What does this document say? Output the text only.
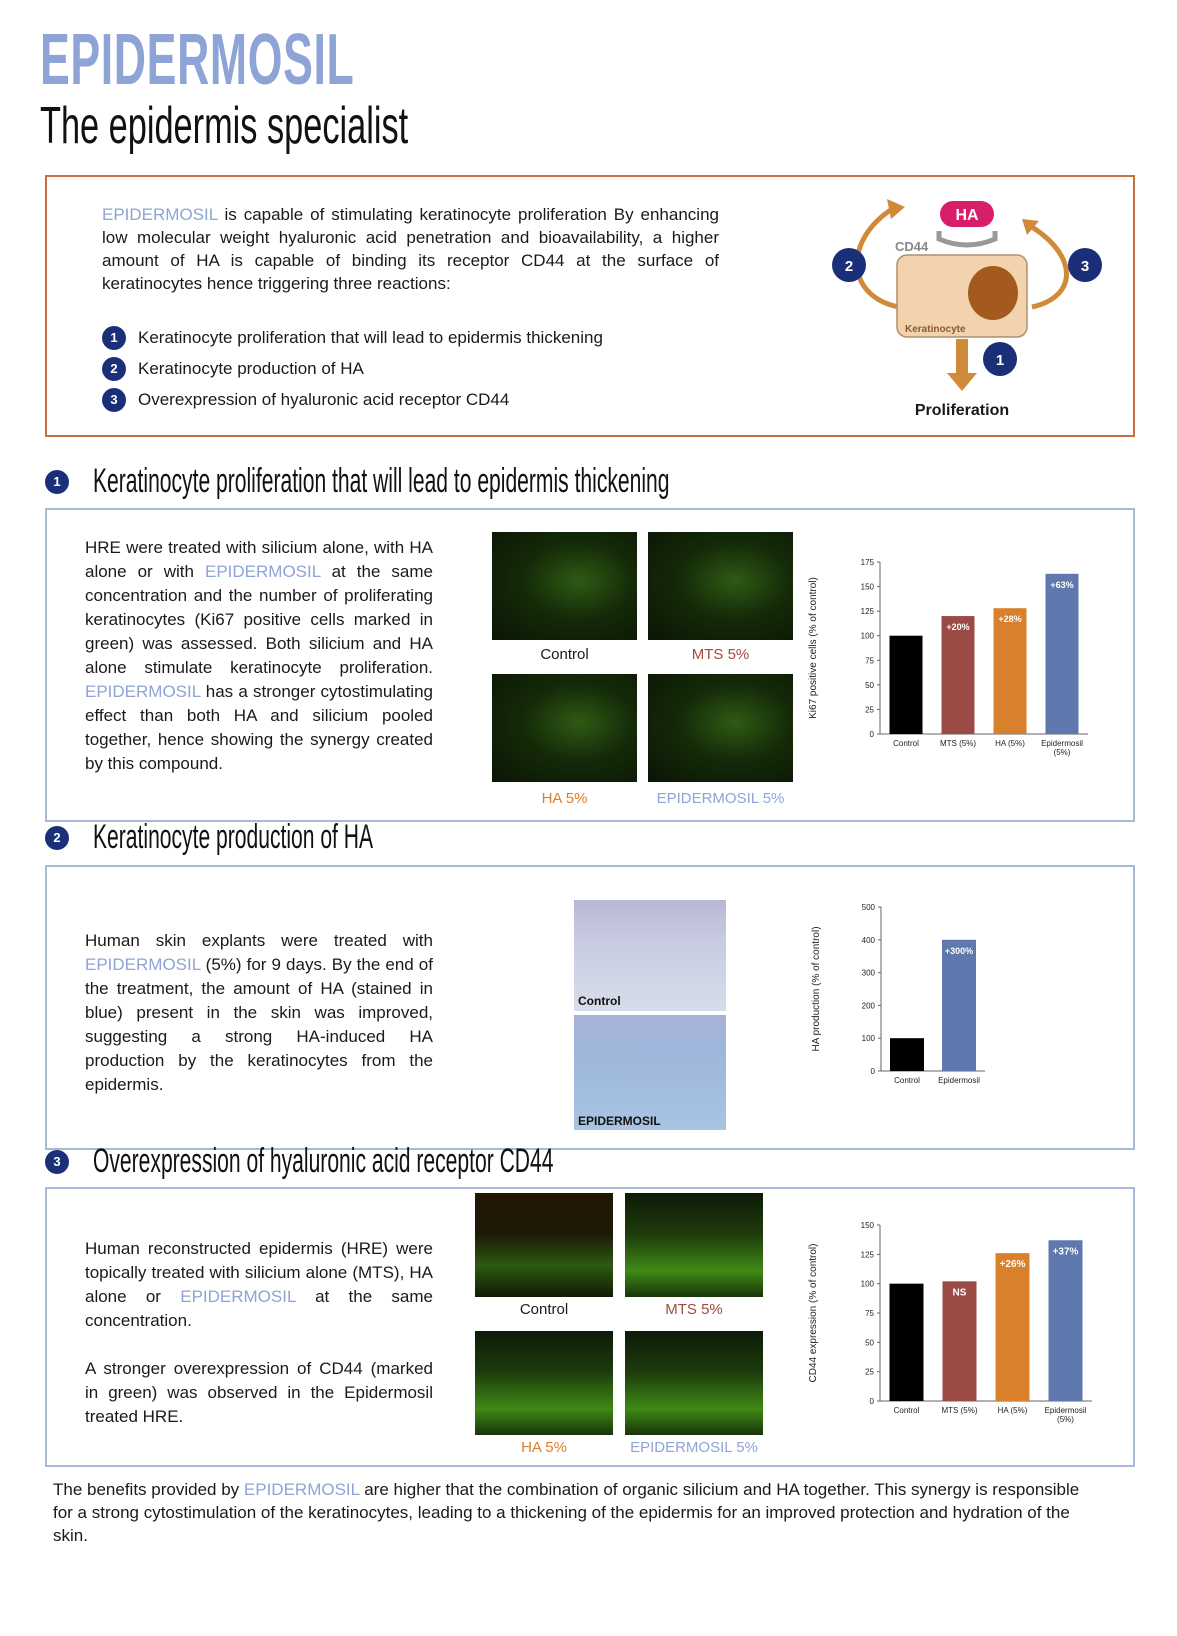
EPIDERMOSIL
The epidermis specialist

EPIDERMOSIL is capable of stimulating keratinocyte proliferation By enhancing low molecular weight hyaluronic acid penetration and bioavailability, a higher amount of HA is capable of binding its receptor CD44 at the surface of keratinocytes hence triggering three reactions:

1	Keratinocyte proliferation that will lead to epidermis thickening
2	Keratinocyte production of HA
3	Overexpression of hyaluronic acid receptor CD44
HA
CD44
Keratinocyte
Proliferation
2	3
1
1 Keratinocyte proliferation that will lead to epidermis thickening

HRE were treated with silicium alone, with HA alone or with EPIDERMOSIL at the same concentration and the number of proliferating keratinocytes (Ki67 positive cells marked in green) was assessed. Both silicium and HA alone stimulate keratinocyte proliferation. EPIDERMOSIL has a stronger cytostimulating effect than both HA and silicium pooled together, hence showing the synergy created by this compound.

Control	MTS 5%
HA 5%	EPIDERMOSIL 5%
Ki67 positive cells (% of control)
0
25
50
75
100
125
150
175
Control
+20%
MTS (5%)
+28%
HA (5%)
+63%
Epidermosil
(5%)
2 Keratinocyte production of HA

Human skin explants were treated with EPIDERMOSIL (5%) for 9 days. By the end of the treatment, the amount of HA (stained in blue) present in the skin was improved, suggesting a strong HA-induced HA production by the keratinocytes from the epidermis.

Control
EPIDERMOSIL
HA production (% of control)
0
100
200
300
400
500
Control
+300%
Epidermosil
3 Overexpression of hyaluronic acid receptor CD44

Human reconstructed epidermis (HRE) were topically treated with silicium alone (MTS), HA alone or EPIDERMOSIL at the same concentration.

A stronger overexpression of CD44 (marked in green) was observed in the Epidermosil treated HRE.

Control	MTS 5%
HA 5%	EPIDERMOSIL 5%
CD44 expression (% of control)
0
25
50
75
100
125
150
Control
NS
MTS (5%)
+26%
HA (5%)
+37%
Epidermosil
(5%)

The benefits provided by EPIDERMOSIL are higher that the combination of organic silicium and HA together. This synergy is responsible for a strong cytostimulation of the keratinocytes, leading to a thickening of the epidermis for an improved protection and hydration of the skin.
